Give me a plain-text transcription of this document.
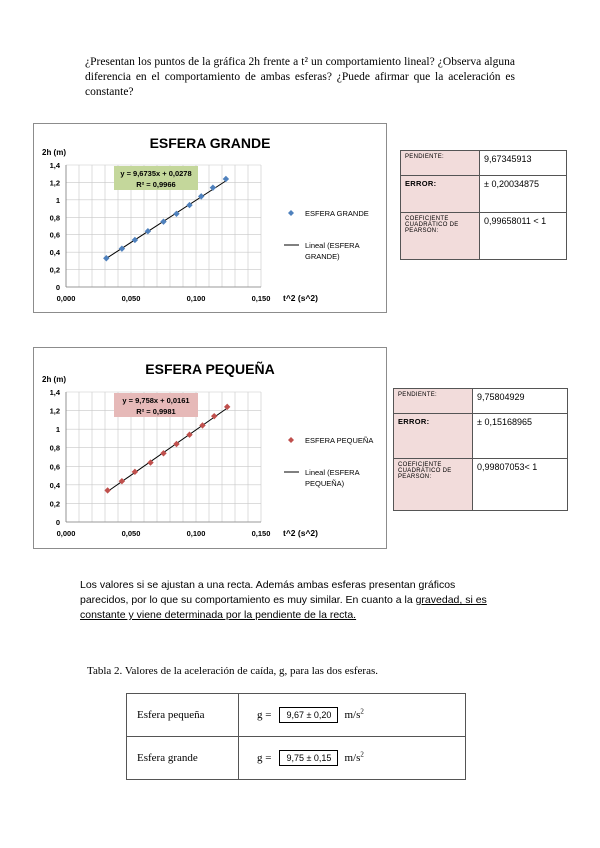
¿Presentan los puntos de la gráfica 2h frente a t² un comportamiento lineal? ¿Observa alguna diferencia en el comportamiento de ambas esferas? ¿Puede afirmar que la aceleración es constante?
ESFERA GRANDE
2h (m)
0
0,2
0,4
0,6
0,8
1
1,2
1,4
0,000	0,050	0,100	0,150 t^2 (s^2)
y = 9,6735x + 0,0278
R² = 0,9966
ESFERA GRANDE
Lineal (ESFERA
GRANDE)
PENDIENTE:	9,67345913
ERROR:	± 0,20034875
COEFICIENTE CUADRÁTICO DE PEARSON:	0,99658011 < 1
ESFERA PEQUEÑA
2h (m)
0
0,2
0,4
0,6
0,8
1
1,2
1,4
0,000	0,050	0,100	0,150 t^2 (s^2)
y = 9,758x + 0,0161
R² = 0,9981
ESFERA PEQUEÑA
Lineal (ESFERA
PEQUEÑA)
PENDIENTE:	9,75804929
ERROR:	± 0,15168965
COEFICIENTE CUADRÁTICO DE PEARSON:	0,99807053< 1
Los valores si se ajustan a una recta. Además ambas esferas presentan gráficos parecidos, por lo que su comportamiento es muy similar. En cuanto a la gravedad, si es constante y viene determinada por la pendiente de la recta.
Tabla 2. Valores de la aceleración de caída, g, para las dos esferas.
Esfera pequeña	g = 9,67 ± 0,20 $m/s^2$
Esfera grande	g = 9,75 ± 0,15 $m/s^2$
